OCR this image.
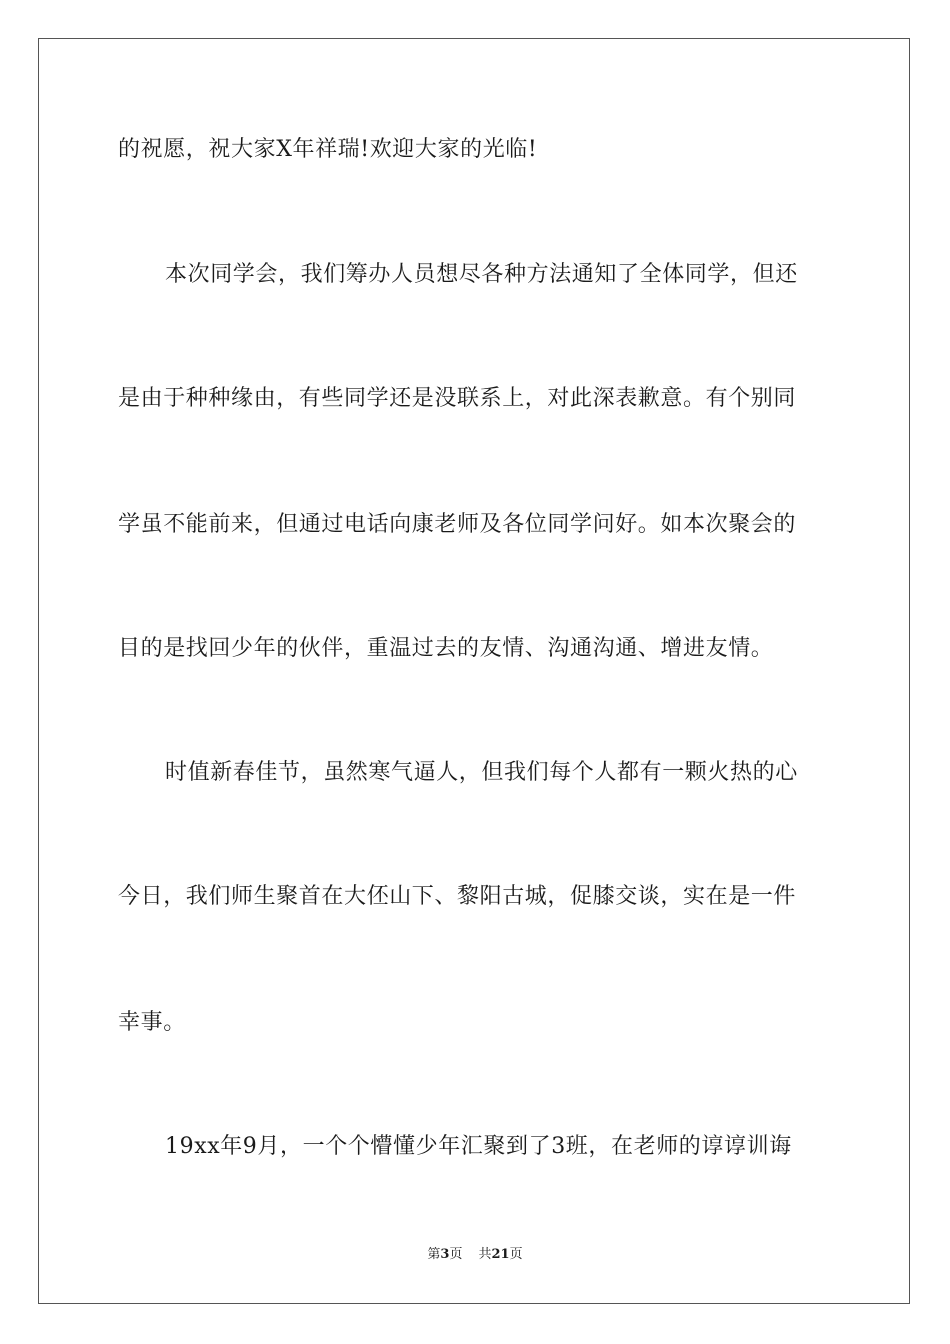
的祝愿，祝大家X年祥瑞!欢迎大家的光临!
本次同学会，我们筹办人员想尽各种方法通知了全体同学，但还
是由于种种缘由，有些同学还是没联系上，对此深表歉意。有个别同
学虽不能前来，但通过电话向康老师及各位同学问好。如本次聚会的
目的是找回少年的伙伴，重温过去的友情、沟通沟通、增进友情。
时值新春佳节，虽然寒气逼人，但我们每个人都有一颗火热的心
今日，我们师生聚首在大伾山下、黎阳古城，促膝交谈，实在是一件
幸事。
19xx年9月，一个个懵懂少年汇聚到了3班，在老师的谆谆训诲
第3页 共21页
